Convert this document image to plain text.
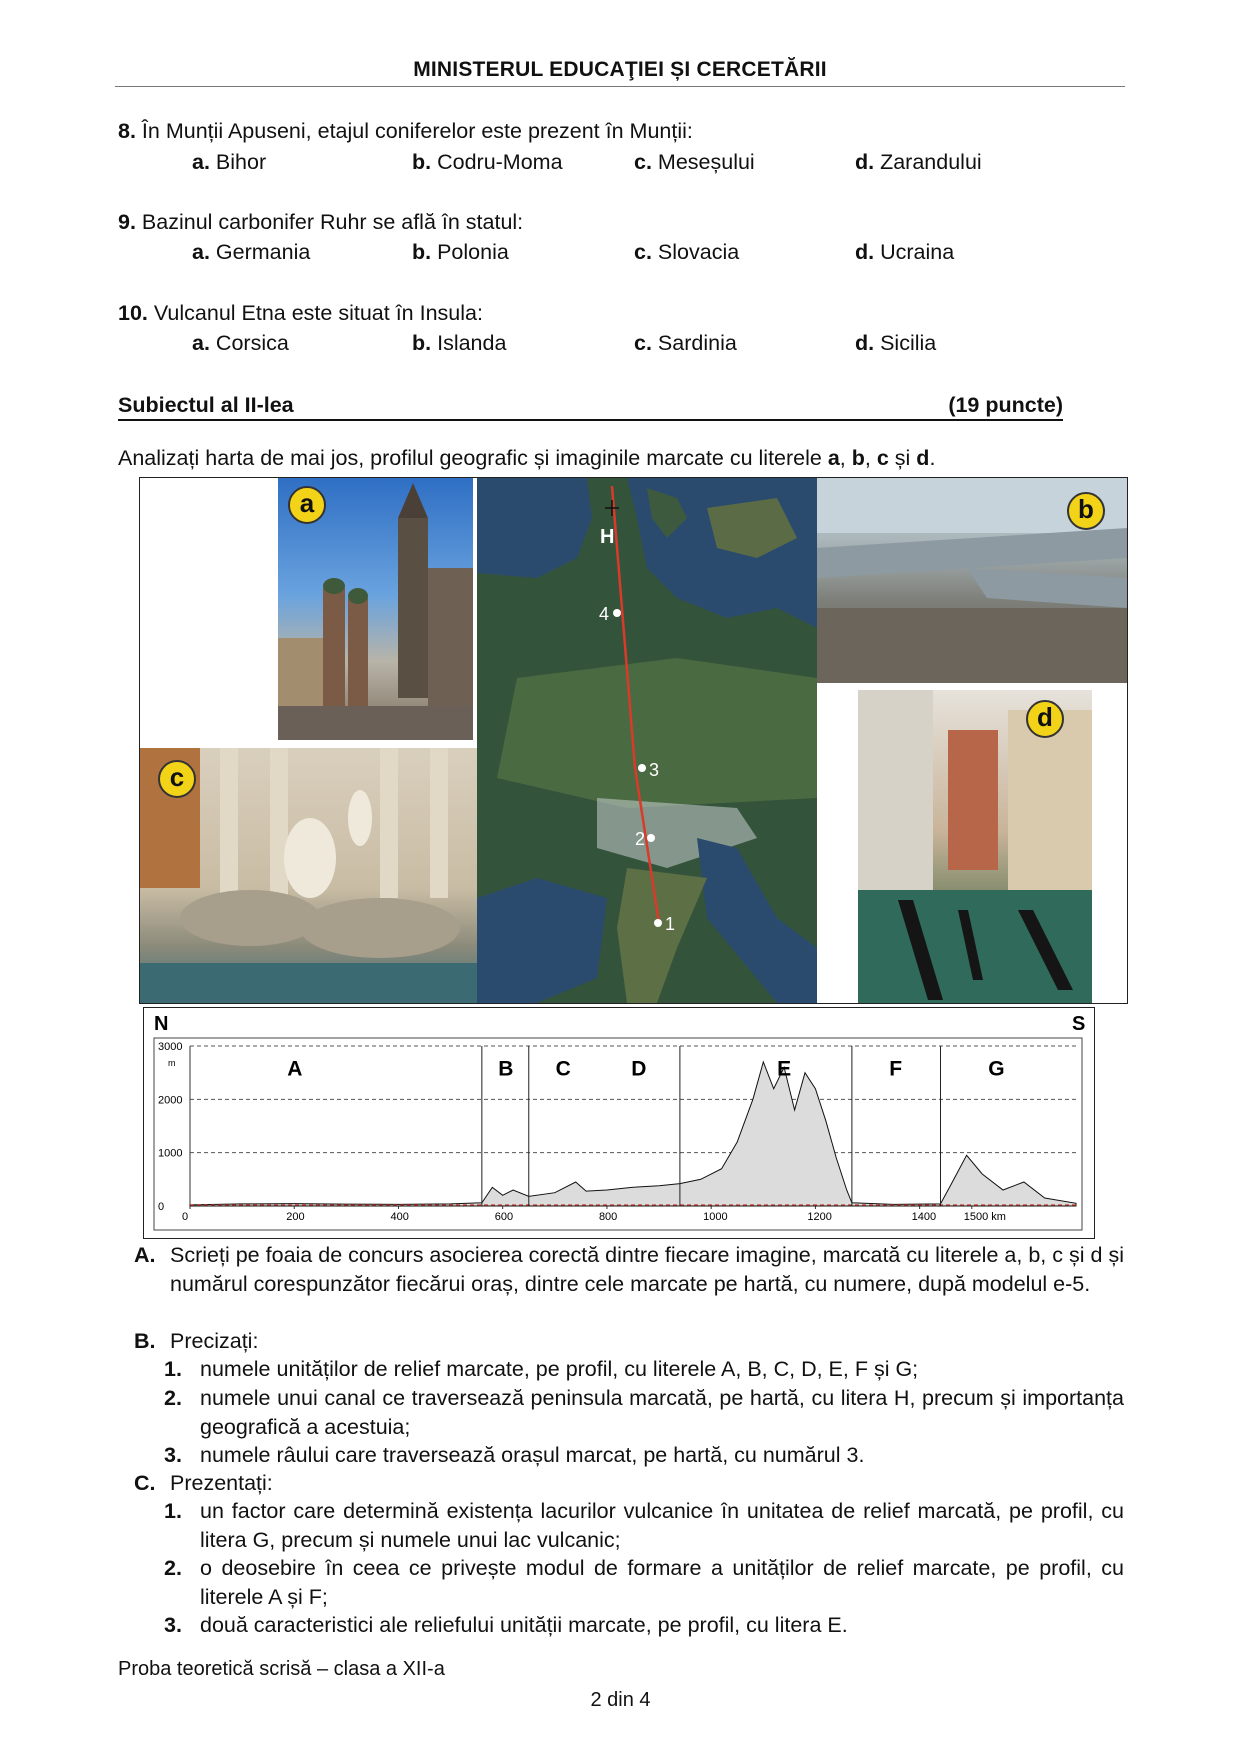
MINISTERUL EDUCAŢIEI ȘI CERCETĂRII
8. În Munții Apuseni, etajul coniferelor este prezent în Munții:
a. Bihor	b. Codru-Moma	c. Meseșului	d. Zarandului
9. Bazinul carbonifer Ruhr se află în statul:
a. Germania	b. Polonia	c. Slovacia	d. Ucraina
10. Vulcanul Etna este situat în Insula:
a. Corsica	b. Islanda	c. Sardinia	d. Sicilia
Subiectul al II-lea	(19 puncte)
Analizați harta de mai jos, profilul geografic și imaginile marcate cu literele a, b, c și d.
a
c
H
4
3
2
1
b
d
N	S
3000
2000
1000
0
m
0	200	400	600	800	1000	1200	1400	1500 km
A	B C	D	E	F	G
A. Scrieți pe foaia de concurs asocierea corectă dintre fiecare imagine, marcată cu literele a, b, c și d și numărul corespunzător fiecărui oraș, dintre cele marcate pe hartă, cu numere, după modelul e-5.
B. Precizați:
1. numele unităților de relief marcate, pe profil, cu literele A, B, C, D, E, F și G;
2. numele unui canal ce traversează peninsula marcată, pe hartă, cu litera H, precum și importanța geografică a acestuia;
3. numele râului care traversează orașul marcat, pe hartă, cu numărul 3.
C. Prezentați:
1. un factor care determină existența lacurilor vulcanice în unitatea de relief marcată, pe profil, cu litera G, precum și numele unui lac vulcanic;
2. o deosebire în ceea ce privește modul de formare a unităților de relief marcate, pe profil, cu literele A și F;
3. două caracteristici ale reliefului unității marcate, pe profil, cu litera E.
Proba teoretică scrisă – clasa a XII-a
2 din 4
